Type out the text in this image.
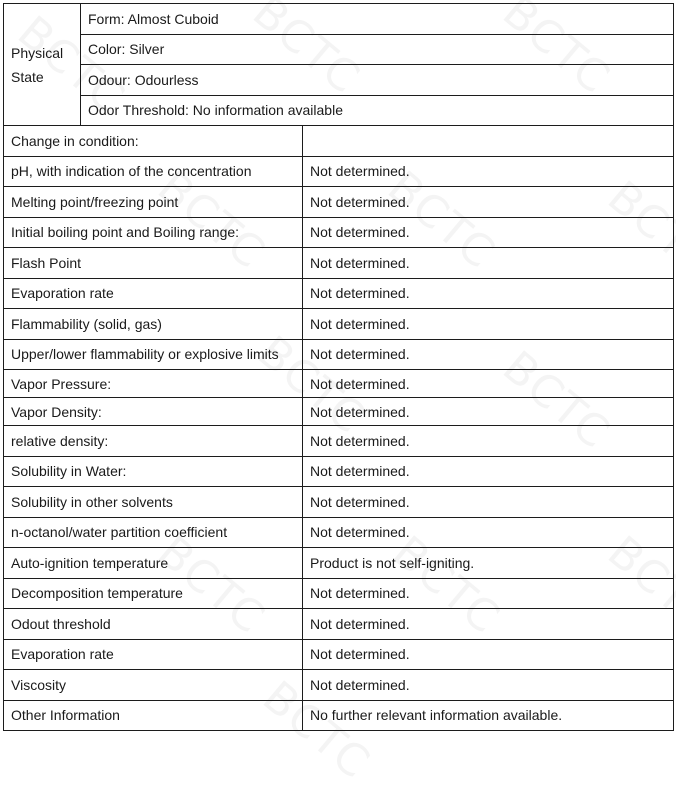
Physical State	Form: Almost Cuboid	
	Color: Silver	
	Odour: Odourless	
	Odor Threshold: No information available	
Change in condition:		
pH, with indication of the concentration		Not determined.
Melting point/freezing point		Not determined.
Initial boiling point and Boiling range:		Not determined.
Flash Point		Not determined.
Evaporation rate		Not determined.
Flammability (solid, gas)		Not determined.
Upper/lower flammability or explosive limits		Not determined.
Vapor Pressure:		Not determined.
Vapor Density:		Not determined.
relative density:		Not determined.
Solubility in Water:		Not determined.
Solubility in other solvents		Not determined.
n-octanol/water partition coefficient		Not determined.
Auto-ignition temperature		Product is not self-igniting.
Decomposition temperature		Not determined.
Odout threshold		Not determined.
Evaporation rate		Not determined.
Viscosity		Not determined.
Other Information		No further relevant information available.
